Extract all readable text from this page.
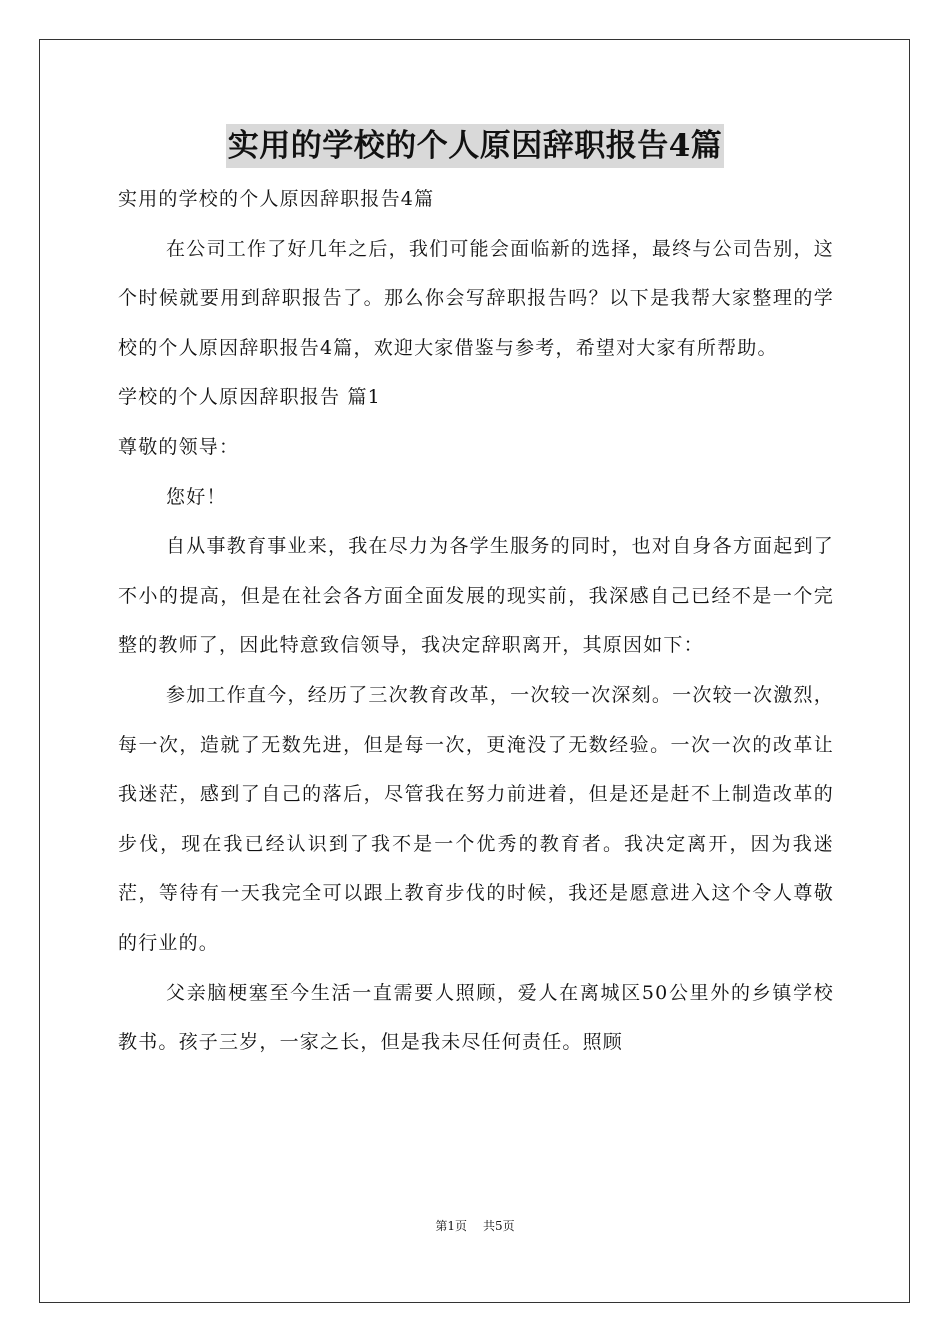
实用的学校的个人原因辞职报告4篇

实用的学校的个人原因辞职报告4篇

在公司工作了好几年之后，我们可能会面临新的选择，最终与公司告别，这个时候就要用到辞职报告了。那么你会写辞职报告吗？以下是我帮大家整理的学校的个人原因辞职报告4篇，欢迎大家借鉴与参考，希望对大家有所帮助。

学校的个人原因辞职报告 篇1

尊敬的领导：

您好！

自从事教育事业来，我在尽力为各学生服务的同时，也对自身各方面起到了不小的提高，但是在社会各方面全面发展的现实前，我深感自己已经不是一个完整的教师了，因此特意致信领导，我决定辞职离开，其原因如下：

参加工作直今，经历了三次教育改革，一次较一次深刻。一次较一次激烈，每一次，造就了无数先进，但是每一次，更淹没了无数经验。一次一次的改革让我迷茫，感到了自己的落后，尽管我在努力前进着，但是还是赶不上制造改革的步伐，现在我已经认识到了我不是一个优秀的教育者。我决定离开，因为我迷茫，等待有一天我完全可以跟上教育步伐的时候，我还是愿意进入这个令人尊敬的行业的。

父亲脑梗塞至今生活一直需要人照顾，爱人在离城区50公里外的乡镇学校教书。孩子三岁，一家之长，但是我未尽任何责任。照顾

第1页 共5页
